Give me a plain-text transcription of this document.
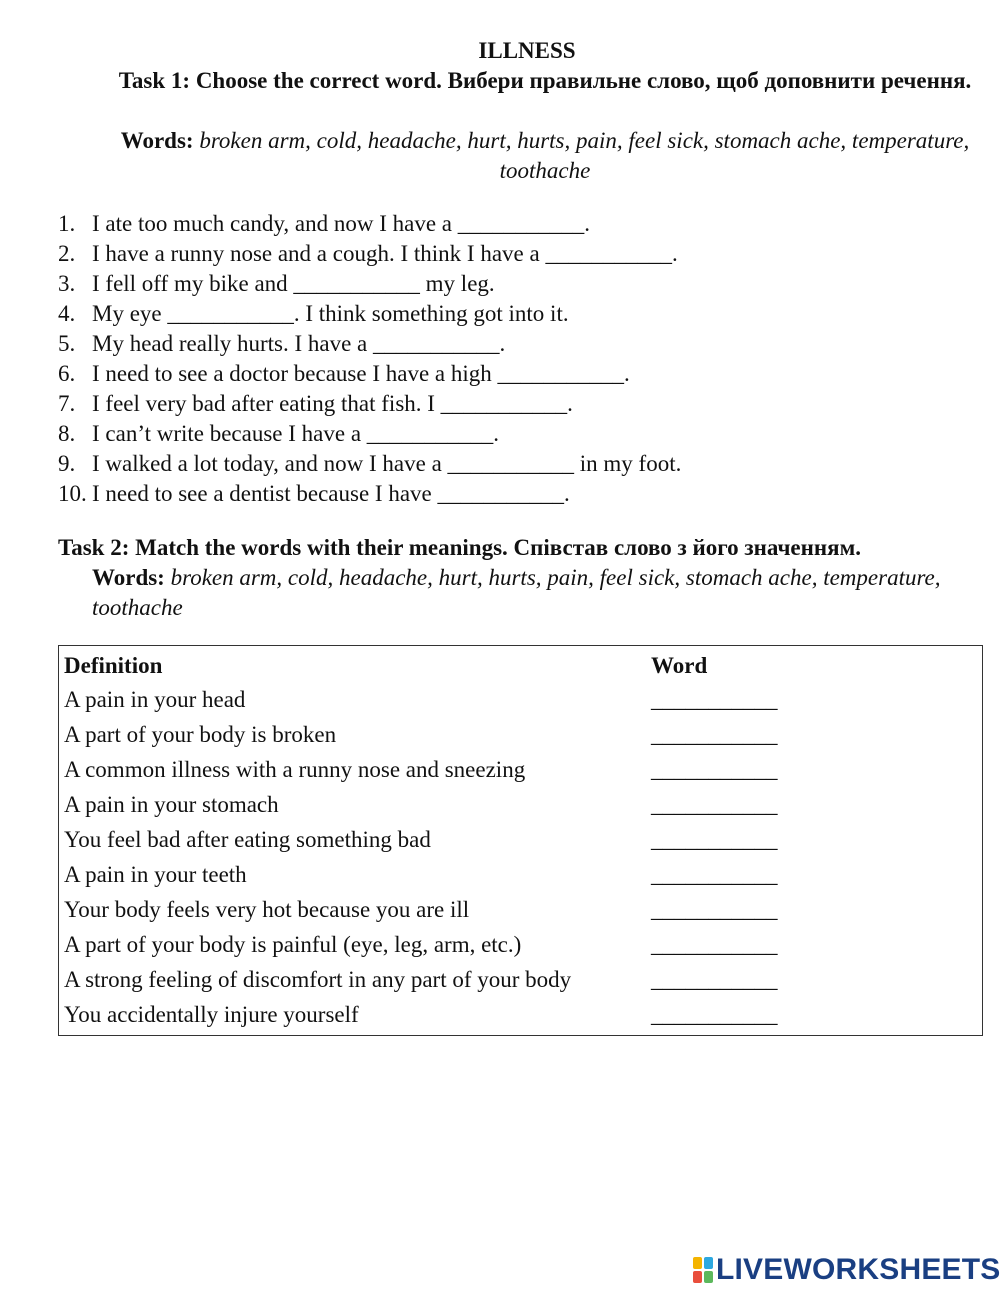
ILLNESS
Task 1: Choose the correct word. Вибери правильне слово, щоб доповнити речення.
Words: broken arm, cold, headache, hurt, hurts, pain, feel sick, stomach ache, temperature, toothache
1. I ate too much candy, and now I have a ___________.
2. I have a runny nose and a cough. I think I have a ___________.
3. I fell off my bike and ___________ my leg.
4. My eye ___________. I think something got into it.
5. My head really hurts. I have a ___________.
6. I need to see a doctor because I have a high ___________.
7. I feel very bad after eating that fish. I ___________.
8. I can’t write because I have a ___________.
9. I walked a lot today, and now I have a ___________ in my foot.
10. I need to see a dentist because I have ___________.
Task 2: Match the words with their meanings. Співстав слово з його значенням.
Words: broken arm, cold, headache, hurt, hurts, pain, feel sick, stomach ache, temperature, toothache
Definition	Word
A pain in your head	___________
A part of your body is broken	___________
A common illness with a runny nose and sneezing	___________
A pain in your stomach	___________
You feel bad after eating something bad	___________
A pain in your teeth	___________
Your body feels very hot because you are ill	___________
A part of your body is painful (eye, leg, arm, etc.)	___________
A strong feeling of discomfort in any part of your body	___________
You accidentally injure yourself	___________
LIVEWORKSHEETS
